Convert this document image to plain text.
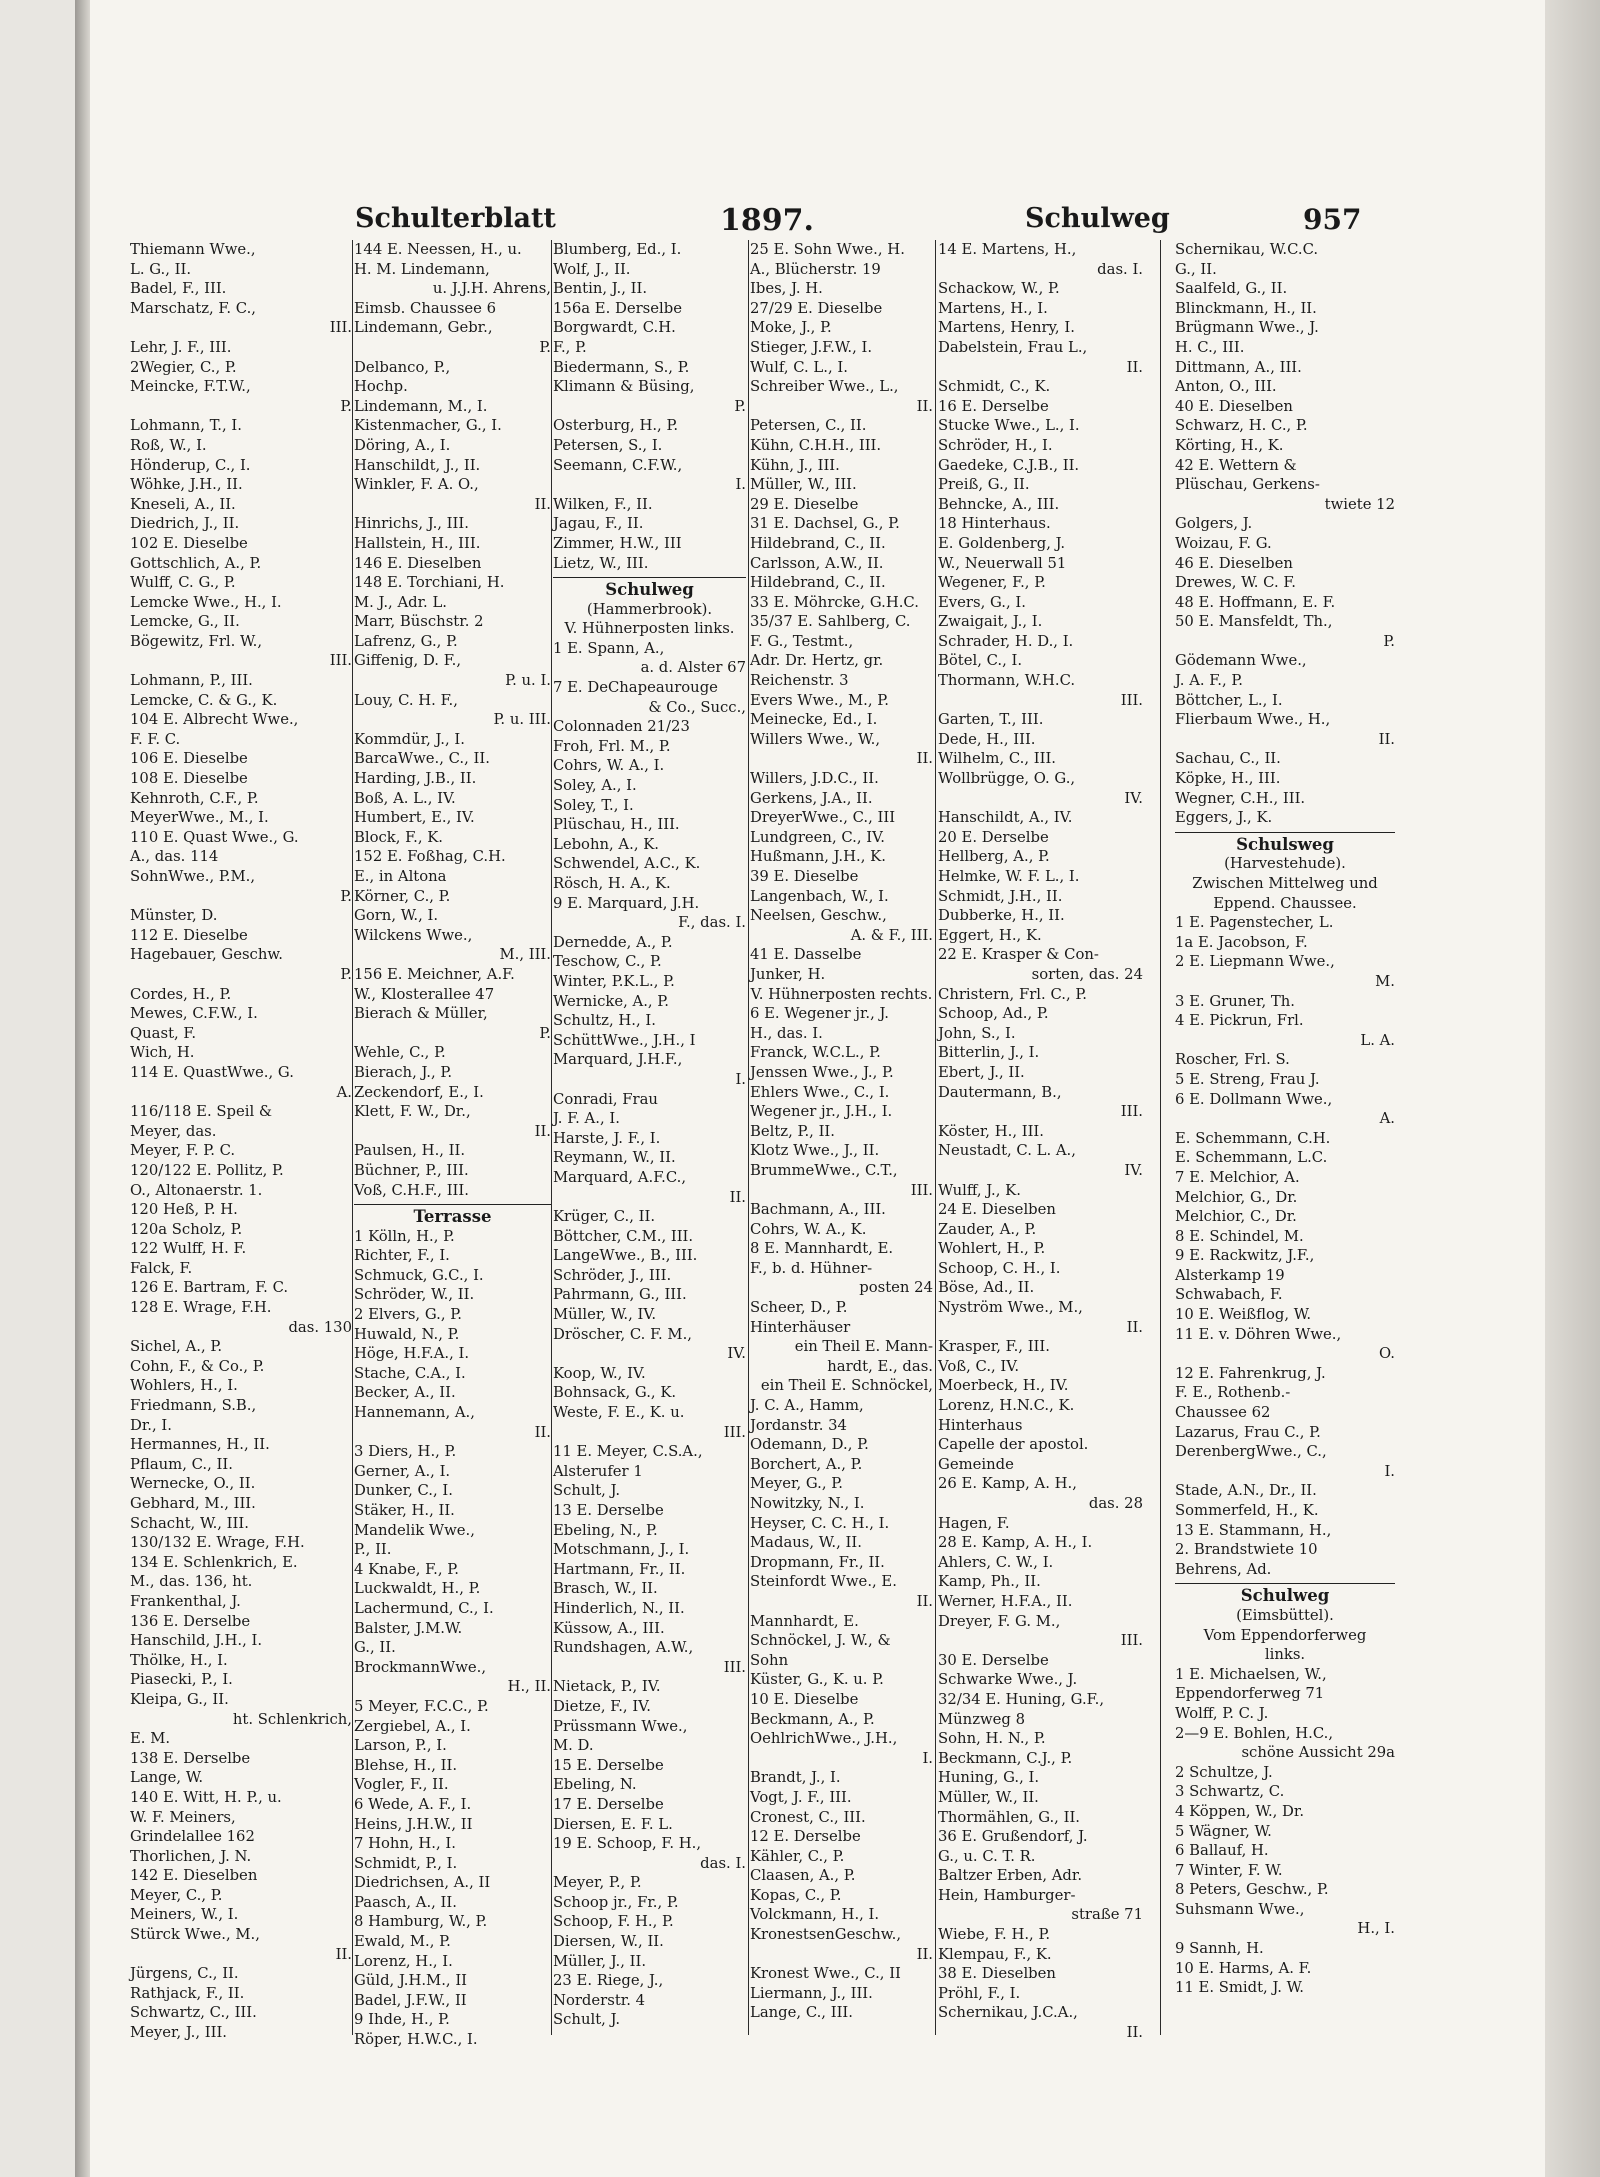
Schulterblatt	1897.	Schulweg	957
Thiemann Wwe.,
L. G., II.
Badel, F., III.
Marschatz, F. C.,
III.
Lehr, J. F., III.
2Wegier, C., P.
Meincke, F.T.W.,
P.
Lohmann, T., I.
Roß, W., I.
Hönderup, C., I.
Wöhke, J.H., II.
Kneseli, A., II.
Diedrich, J., II.
102 E. Dieselbe
Gottschlich, A., P.
Wulff, C. G., P.
Lemcke Wwe., H., I.
Lemcke, G., II.
Bögewitz, Frl. W.,
III.
Lohmann, P., III.
Lemcke, C. & G., K.
104 E. Albrecht Wwe.,
F. F. C.
106 E. Dieselbe
108 E. Dieselbe
Kehnroth, C.F., P.
MeyerWwe., M., I.
110 E. Quast Wwe., G.
A., das. 114
SohnWwe., P.M.,
P.
Münster, D.
112 E. Dieselbe
Hagebauer, Geschw.
P.
Cordes, H., P.
Mewes, C.F.W., I.
Quast, F.
Wich, H.
114 E. QuastWwe., G.
A.
116/118 E. Speil &
Meyer, das.
Meyer, F. P. C.
120/122 E. Pollitz, P.
O., Altonaerstr. 1.
120 Heß, P. H.
120a Scholz, P.
122 Wulff, H. F.
Falck, F.
126 E. Bartram, F. C.
128 E. Wrage, F.H.
das. 130
Sichel, A., P.
Cohn, F., & Co., P.
Wohlers, H., I.
Friedmann, S.B.,
Dr., I.
Hermannes, H., II.
Pflaum, C., II.
Wernecke, O., II.
Gebhard, M., III.
Schacht, W., III.
130/132 E. Wrage, F.H.
134 E. Schlenkrich, E.
M., das. 136, ht.
Frankenthal, J.
136 E. Derselbe
Hanschild, J.H., I.
Thölke, H., I.
Piasecki, P., I.
Kleipa, G., II.
ht. Schlenkrich,
E. M.
138 E. Derselbe
Lange, W.
140 E. Witt, H. P., u.
W. F. Meiners,
Grindelallee 162
Thorlichen, J. N.
142 E. Dieselben
Meyer, C., P.
Meiners, W., I.
Stürck Wwe., M.,
II.
Jürgens, C., II.
Rathjack, F., II.
Schwartz, C., III.
Meyer, J., III.
144 E. Neessen, H., u.
H. M. Lindemann,
u. J.J.H. Ahrens,
Eimsb. Chaussee 6
Lindemann, Gebr.,
P.
Delbanco, P.,
Hochp.
Lindemann, M., I.
Kistenmacher, G., I.
Döring, A., I.
Hanschildt, J., II.
Winkler, F. A. O.,
II.
Hinrichs, J., III.
Hallstein, H., III.
146 E. Dieselben
148 E. Torchiani, H.
M. J., Adr. L.
Marr, Büschstr. 2
Lafrenz, G., P.
Giffenig, D. F.,
P. u. I.
Louy, C. H. F.,
P. u. III.
Kommdür, J., I.
BarcaWwe., C., II.
Harding, J.B., II.
Boß, A. L., IV.
Humbert, E., IV.
Block, F., K.
152 E. Foßhag, C.H.
E., in Altona
Körner, C., P.
Gorn, W., I.
Wilckens Wwe.,
M., III.
156 E. Meichner, A.F.
W., Klosterallee 47
Bierach & Müller,
P.
Wehle, C., P.
Bierach, J., P.
Zeckendorf, E., I.
Klett, F. W., Dr.,
II.
Paulsen, H., II.
Büchner, P., III.
Voß, C.H.F., III.
Terrasse
1 Kölln, H., P.
Richter, F., I.
Schmuck, G.C., I.
Schröder, W., II.
2 Elvers, G., P.
Huwald, N., P.
Höge, H.F.A., I.
Stache, C.A., I.
Becker, A., II.
Hannemann, A.,
II.
3 Diers, H., P.
Gerner, A., I.
Dunker, C., I.
Stäker, H., II.
Mandelik Wwe.,
P., II.
4 Knabe, F., P.
Luckwaldt, H., P.
Lachermund, C., I.
Balster, J.M.W.
G., II.
BrockmannWwe.,
H., II.
5 Meyer, F.C.C., P.
Zergiebel, A., I.
Larson, P., I.
Blehse, H., II.
Vogler, F., II.
6 Wede, A. F., I.
Heins, J.H.W., II
7 Hohn, H., I.
Schmidt, P., I.
Diedrichsen, A., II
Paasch, A., II.
8 Hamburg, W., P.
Ewald, M., P.
Lorenz, H., I.
Güld, J.H.M., II
Badel, J.F.W., II
9 Ihde, H., P.
Röper, H.W.C., I.
Blumberg, Ed., I.
Wolf, J., II.
Bentin, J., II.
156a E. Derselbe
Borgwardt, C.H.
F., P.
Biedermann, S., P.
Klimann & Büsing,
P.
Osterburg, H., P.
Petersen, S., I.
Seemann, C.F.W.,
I.
Wilken, F., II.
Jagau, F., II.
Zimmer, H.W., III
Lietz, W., III.
Schulweg
(Hammerbrook).
V. Hühnerposten links.
1 E. Spann, A.,
a. d. Alster 67
7 E. DeChapeaurouge
& Co., Succ.,
Colonnaden 21/23
Froh, Frl. M., P.
Cohrs, W. A., I.
Soley, A., I.
Soley, T., I.
Plüschau, H., III.
Lebohn, A., K.
Schwendel, A.C., K.
Rösch, H. A., K.
9 E. Marquard, J.H.
F., das. I.
Derneddе, A., P.
Teschow, C., P.
Winter, P.K.L., P.
Wernicke, A., P.
Schultz, H., I.
SchüttWwe., J.H., I
Marquard, J.H.F.,
I.
Conradi, Frau
J. F. A., I.
Harste, J. F., I.
Reymann, W., II.
Marquard, A.F.C.,
II.
Krüger, C., II.
Böttcher, C.M., III.
LangeWwe., B., III.
Schröder, J., III.
Pahrmann, G., III.
Müller, W., IV.
Dröscher, C. F. M.,
IV.
Koop, W., IV.
Bohnsack, G., K.
Weste, F. E., K. u.
III.
11 E. Meyer, C.S.A.,
Alsterufer 1
Schult, J.
13 E. Derselbe
Ebeling, N., P.
Motschmann, J., I.
Hartmann, Fr., II.
Brasch, W., II.
Hinderlich, N., II.
Küssow, A., III.
Rundshagen, A.W.,
III.
Nietack, P., IV.
Dietze, F., IV.
Prüssmann Wwe.,
M. D.
15 E. Derselbe
Ebeling, N.
17 E. Derselbe
Diersen, E. F. L.
19 E. Schoop, F. H.,
das. I.
Meyer, P., P.
Schoop jr., Fr., P.
Schoop, F. H., P.
Diersen, W., II.
Müller, J., II.
23 E. Riege, J.,
Norderstr. 4
Schult, J.
25 E. Sohn Wwe., H.
A., Blücherstr. 19
Ibes, J. H.
27/29 E. Dieselbe
Moke, J., P.
Stieger, J.F.W., I.
Wulf, C. L., I.
Schreiber Wwe., L.,
II.
Petersen, C., II.
Kühn, C.H.H., III.
Kühn, J., III.
Müller, W., III.
29 E. Dieselbe
31 E. Dachsel, G., P.
Hildebrand, C., II.
Carlsson, A.W., II.
Hildebrand, C., II.
33 E. Möhrcke, G.H.C.
35/37 E. Sahlberg, C.
F. G., Testmt.,
Adr. Dr. Hertz, gr.
Reichenstr. 3
Evers Wwe., M., P.
Meinecke, Ed., I.
Willers Wwe., W.,
II.
Willers, J.D.C., II.
Gerkens, J.A., II.
DreyerWwe., C., III
Lundgreen, C., IV.
Hußmann, J.H., K.
39 E. Dieselbe
Langenbach, W., I.
Neelsen, Geschw.,
A. & F., III.
41 E. Dasselbe
Junker, H.
V. Hühnerposten rechts.
6 E. Wegener jr., J.
H., das. I.
Franck, W.C.L., P.
Jenssen Wwe., J., P.
Ehlers Wwe., C., I.
Wegener jr., J.H., I.
Beltz, P., II.
Klotz Wwe., J., II.
BrummeWwe., C.T.,
III.
Bachmann, A., III.
Cohrs, W. A., K.
8 E. Mannhardt, E.
F., b. d. Hühner-
posten 24
Scheer, D., P.
Hinterhäuser
ein Theil E. Mann-
hardt, E., das.
ein Theil E. Schnöckel,
J. C. A., Hamm,
Jordanstr. 34
Odemann, D., P.
Borchert, A., P.
Meyer, G., P.
Nowitzky, N., I.
Heyser, C. C. H., I.
Madaus, W., II.
Dropmann, Fr., II.
Steinfordt Wwe., E.
II.
Mannhardt, E.
Schnöckel, J. W., &
Sohn
Küster, G., K. u. P.
10 E. Dieselbe
Beckmann, A., P.
OehlrichWwe., J.H.,
I.
Brandt, J., I.
Vogt, J. F., III.
Cronest, C., III.
12 E. Derselbe
Kähler, C., P.
Claasen, A., P.
Kopas, C., P.
Volckmann, H., I.
KronestsenGeschw.,
II.
Kronest Wwe., C., II
Liermann, J., III.
Lange, C., III.
14 E. Martens, H.,
das. I.
Schackow, W., P.
Martens, H., I.
Martens, Henry, I.
Dabelstein, Frau L.,
II.
Schmidt, C., K.
16 E. Derselbe
Stucke Wwe., L., I.
Schröder, H., I.
Gaedeke, C.J.B., II.
Preiß, G., II.
Behncke, A., III.
18 Hinterhaus.
E. Goldenberg, J.
W., Neuerwall 51
Wegener, F., P.
Evers, G., I.
Zwaigait, J., I.
Schrader, H. D., I.
Bötel, C., I.
Thormann, W.H.C.
III.
Garten, T., III.
Dede, H., III.
Wilhelm, C., III.
Wollbrügge, O. G.,
IV.
Hanschildt, A., IV.
20 E. Derselbe
Hellberg, A., P.
Helmke, W. F. L., I.
Schmidt, J.H., II.
Dubberke, H., II.
Eggert, H., K.
22 E. Krasper & Con-
sorten, das. 24
Christern, Frl. C., P.
Schoop, Ad., P.
John, S., I.
Bitterlin, J., I.
Ebert, J., II.
Dautermann, B.,
III.
Köster, H., III.
Neustadt, C. L. A.,
IV.
Wulff, J., K.
24 E. Dieselben
Zauder, A., P.
Wohlert, H., P.
Schoop, C. H., I.
Böse, Ad., II.
Nyström Wwe., M.,
II.
Krasper, F., III.
Voß, C., IV.
Moerbeck, H., IV.
Lorenz, H.N.C., K.
Hinterhaus
Capelle der apostol.
Gemeinde
26 E. Kamp, A. H.,
das. 28
Hagen, F.
28 E. Kamp, A. H., I.
Ahlers, C. W., I.
Kamp, Ph., II.
Werner, H.F.A., II.
Dreyer, F. G. M.,
III.
30 E. Derselbe
Schwarke Wwe., J.
32/34 E. Huning, G.F.,
Münzweg 8
Sohn, H. N., P.
Beckmann, C.J., P.
Huning, G., I.
Müller, W., II.
Thormählen, G., II.
36 E. Grußendorf, J.
G., u. C. T. R.
Baltzer Erben, Adr.
Hein, Hamburger-
straße 71
Wiebe, F. H., P.
Klempau, F., K.
38 E. Dieselben
Pröhl, F., I.
Schernikau, J.C.A.,
II.
Schernikau, W.C.C.
G., II.
Saalfeld, G., II.
Blinckmann, H., II.
Brügmann Wwe., J.
H. C., III.
Dittmann, A., III.
Anton, O., III.
40 E. Dieselben
Schwarz, H. C., P.
Körting, H., K.
42 E. Wettern &
Plüschau, Gerkens-
twiete 12
Golgers, J.
Woizau, F. G.
46 E. Dieselben
Drewes, W. C. F.
48 E. Hoffmann, E. F.
50 E. Mansfeldt, Th.,
P.
Gödemann Wwe.,
J. A. F., P.
Böttcher, L., I.
Flierbaum Wwe., H.,
II.
Sachau, C., II.
Köpke, H., III.
Wegner, C.H., III.
Eggers, J., K.
Schulsweg
(Harvestehude).
Zwischen Mittelweg und
Eppend. Chaussee.
1 E. Pagenstecher, L.
1a E. Jacobson, F.
2 E. Liepmann Wwe.,
M.
3 E. Gruner, Th.
4 E. Pickrun, Frl.
L. A.
Roscher, Frl. S.
5 E. Streng, Frau J.
6 E. Dollmann Wwe.,
A.
E. Schemmann, C.H.
E. Schemmann, L.C.
7 E. Melchior, A.
Melchior, G., Dr.
Melchior, C., Dr.
8 E. Schindel, M.
9 E. Rackwitz, J.F.,
Alsterkamp 19
Schwabach, F.
10 E. Weißflog, W.
11 E. v. Döhren Wwe.,
O.
12 E. Fahrenkrug, J.
F. E., Rothenb.-
Chaussee 62
Lazarus, Frau C., P.
DerenbergWwe., C.,
I.
Stade, A.N., Dr., II.
Sommerfeld, H., K.
13 E. Stammann, H.,
2. Brandstwiete 10
Behrens, Ad.
Schulweg
(Eimsbüttel).
Vom Eppendorferweg
links.
1 E. Michaelsen, W.,
Eppendorferweg 71
Wolff, P. C. J.
2—9 E. Bohlen, H.C.,
schöne Aussicht 29a
2 Schultze, J.
3 Schwartz, C.
4 Köppen, W., Dr.
5 Wägner, W.
6 Ballauf, H.
7 Winter, F. W.
8 Peters, Geschw., P.
Suhsmann Wwe.,
H., I.
9 Sannh, H.
10 E. Harms, A. F.
11 E. Smidt, J. W.
